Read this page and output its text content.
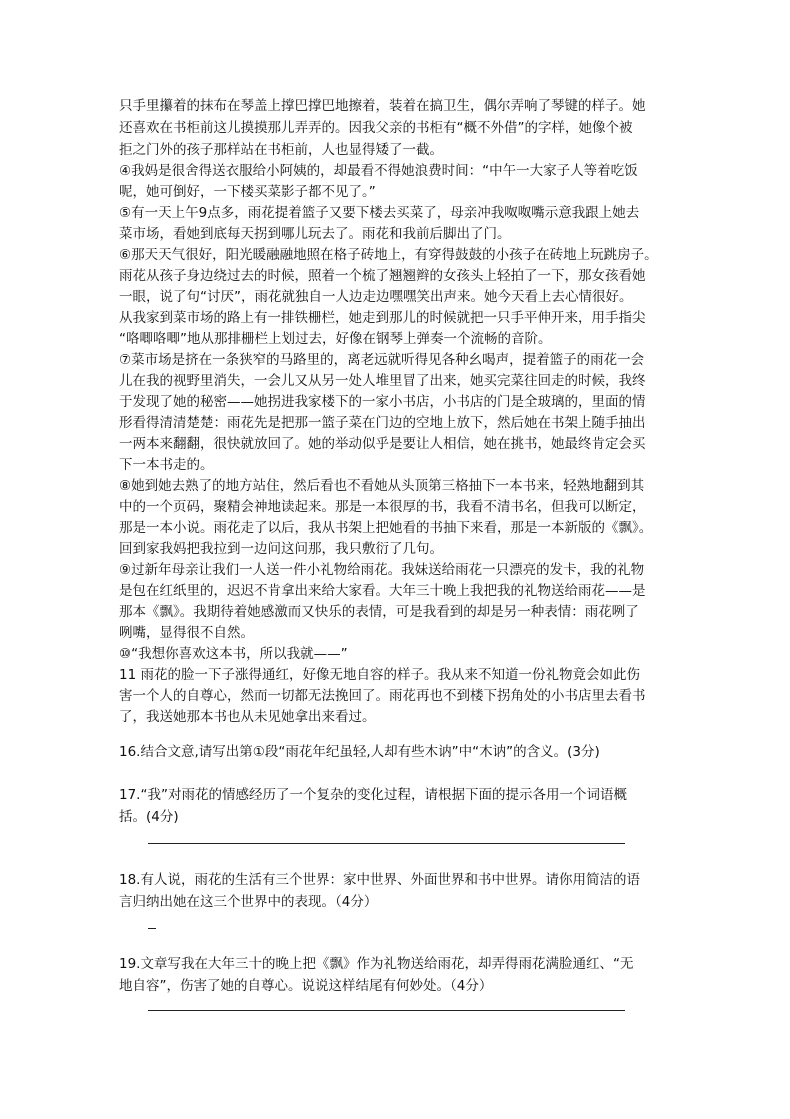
只手里攥着的抹布在琴盖上撑巴撑巴地擦着，装着在搞卫生，偶尔弄响了琴键的样子。她
还喜欢在书柜前这儿摸摸那儿弄弄的。因我父亲的书柜有“概不外借”的字样，她像个被
拒之门外的孩子那样站在书柜前，人也显得矮了一截。
④我妈是很舍得送衣服给小阿姨的，却最看不得她浪费时间：“中午一大家子人等着吃饭
呢，她可倒好，一下楼买菜影子都不见了。”
⑤有一天上午9点多，雨花提着篮子又要下楼去买菜了，母亲冲我呶呶嘴示意我跟上她去
菜市场，看她到底每天拐到哪儿玩去了。雨花和我前后脚出了门。
⑥那天天气很好，阳光暖融融地照在格子砖地上，有穿得鼓鼓的小孩子在砖地上玩跳房子。
雨花从孩子身边绕过去的时候，照着一个梳了翘翘辫的女孩头上轻拍了一下，那女孩看她
一眼，说了句“讨厌”，雨花就独自一人边走边嘿嘿笑出声来。她今天看上去心情很好。
从我家到菜市场的路上有一排铁栅栏，她走到那儿的时候就把一只手平伸开来，用手指尖
“咯唧咯唧”地从那排栅栏上划过去，好像在钢琴上弹奏一个流畅的音阶。
⑦菜市场是挤在一条狭窄的马路里的，离老远就听得见各种幺喝声，提着篮子的雨花一会
儿在我的视野里消失，一会儿又从另一处人堆里冒了出来，她买完菜往回走的时候，我终
于发现了她的秘密——她拐进我家楼下的一家小书店，小书店的门是全玻璃的，里面的情
形看得清清楚楚：雨花先是把那一篮子菜在门边的空地上放下，然后她在书架上随手抽出
一两本来翻翻，很快就放回了。她的举动似乎是要让人相信，她在挑书，她最终肯定会买
下一本书走的。
⑧她到她去熟了的地方站住，然后看也不看她从头顶第三格抽下一本书来，轻熟地翻到其
中的一个页码，聚精会神地读起来。那是一本很厚的书，我看不清书名，但我可以断定，
那是一本小说。雨花走了以后，我从书架上把她看的书抽下来看，那是一本新版的《飘》。
回到家我妈把我拉到一边问这问那，我只敷衍了几句。
⑨过新年母亲让我们一人送一件小礼物给雨花。我妹送给雨花一只漂亮的发卡，我的礼物
是包在红纸里的，迟迟不肯拿出来给大家看。大年三十晚上我把我的礼物送给雨花——是
那本《飘》。我期待着她感激而又快乐的表情，可是我看到的却是另一种表情：雨花咧了
咧嘴，显得很不自然。
⑩“我想你喜欢这本书，所以我就——”
11 雨花的脸一下子涨得通红，好像无地自容的样子。我从来不知道一份礼物竟会如此伤
害一个人的自尊心，然而一切都无法挽回了。雨花再也不到楼下拐角处的小书店里去看书
了，我送她那本书也从未见她拿出来看过。
16.结合文意,请写出第①段“雨花年纪虽轻,人却有些木讷”中“木讷”的含义。(3分)
17.“我”对雨花的情感经历了一个复杂的变化过程，请根据下面的提示各用一个词语概
括。(4分)
18.有人说，雨花的生活有三个世界：家中世界、外面世界和书中世界。请你用简洁的语
言归纳出她在这三个世界中的表现。（4分）
19.文章写我在大年三十的晚上把《飘》作为礼物送给雨花，却弄得雨花满脸通红、“无
地自容”，伤害了她的自尊心。说说这样结尾有何妙处。（4分）
